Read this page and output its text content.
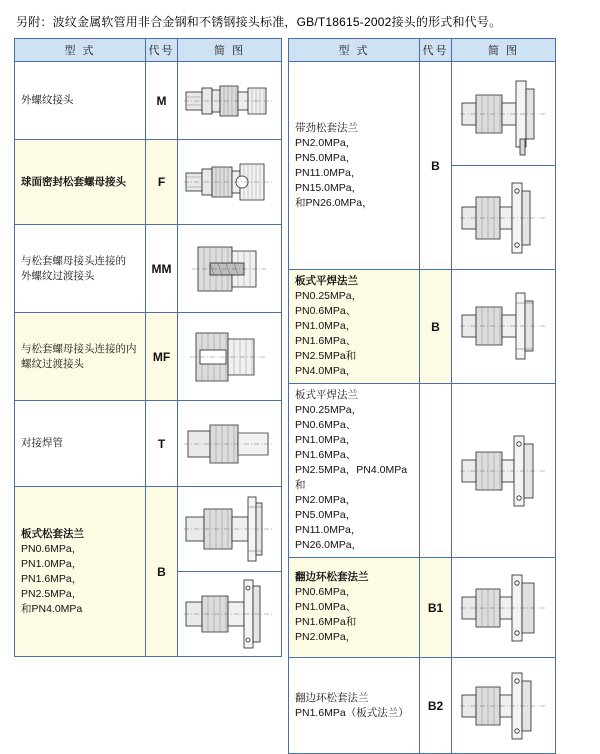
另附：波纹金属软管用非合金钢和不锈钢接头标准，GB/T18615-2002接头的形式和代号。
型 式	代号	简 图

外螺纹接头	M	

球面密封松套螺母接头	F	

与松套螺母接头连接的
外螺纹过渡接头	MM	

与松套螺母接头连接的内
螺纹过渡接头	MF	

对接焊管	T	

板式松套法兰
PN0.6MPa，PN1.0MPa，
PN1.6MPa，PN2.5MPa，
和PN4.0MPa	B	
型 式	代号	简 图

带劲松套法兰
PN2.0MPa，PN5.0MPa，
PN11.0MPa，PN15.0MPa，
和PN26.0MPa，	B	

板式平焊法兰
PN0.25MPa，PN0.6MPa、
PN1.0MPa，PN1.6MPa、
PN2.5MPa和PN4.0MPa，	B	

板式平焊法兰
PN0.25MPa，PN0.6MPa、
PN1.0MPa，PN1.6MPa、
PN2.5MPa，PN4.0MPa 和
PN2.0MPa，PN5.0MPa，
PN11.0MPa，PN26.0MPa，

翻边环松套法兰
PN0.6MPa，PN1.0MPa、
PN1.6MPa和PN2.0MPa，	B1	

翻边环松套法兰
PN1.6MPa（板式法兰）	B2	
